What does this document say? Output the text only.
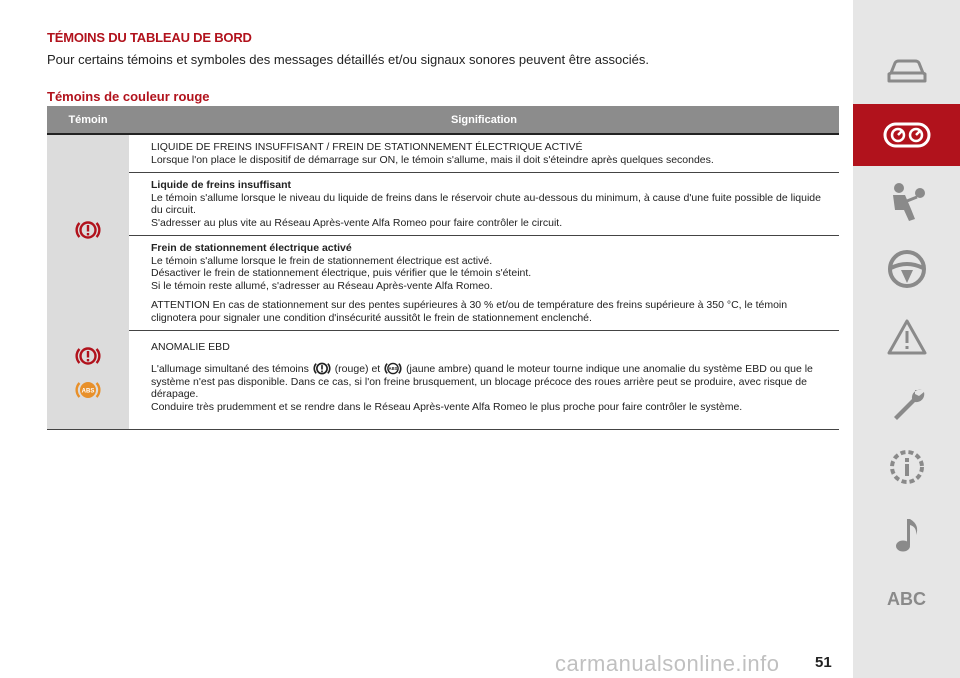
TÉMOINS DU TABLEAU DE BORD
Pour certains témoins et symboles des messages détaillés et/ou signaux sonores peuvent être associés.
Témoins de couleur rouge
Témoin	Signification

LIQUIDE DE FREINS INSUFFISANT / FREIN DE STATIONNEMENT ÉLECTRIQUE ACTIVÉ

Lorsque l'on place le dispositif de démarrage sur ON, le témoin s'allume, mais il doit s'éteindre après quelques secondes.

	Liquide de freins insuffisant

Le témoin s'allume lorsque le niveau du liquide de freins dans le réservoir chute au-dessous du minimum, à cause d'une fuite possible de liquide du circuit.

S'adresser au plus vite au Réseau Après-vente Alfa Romeo pour faire contrôler le circuit.

	Frein de stationnement électrique activé

Le témoin s'allume lorsque le frein de stationnement électrique est activé.

Désactiver le frein de stationnement électrique, puis vérifier que le témoin s'éteint.

Si le témoin reste allumé, s'adresser au Réseau Après-vente Alfa Romeo.

ATTENTION En cas de stationnement sur des pentes supérieures à 30 % et/ou de température des freins supérieure à 350 °C, le témoin clignotera pour signaler une condition d'insécurité aussitôt le frein de stationnement enclenché.

ABS	ANOMALIE EBD

L'allumage simultané des témoins (rouge) et ABS (jaune ambre) quand le moteur tourne indique une anomalie du système EBD ou que le système n'est pas disponible. Dans ce cas, si l'on freine brusquement, un blocage précoce des roues arrière peut se produire, avec risque de dérapage.
Conduire très prudemment et se rendre dans le Réseau Après-vente Alfa Romeo le plus proche pour faire contrôler le système.

ABC
carmanualsonline.info 51
